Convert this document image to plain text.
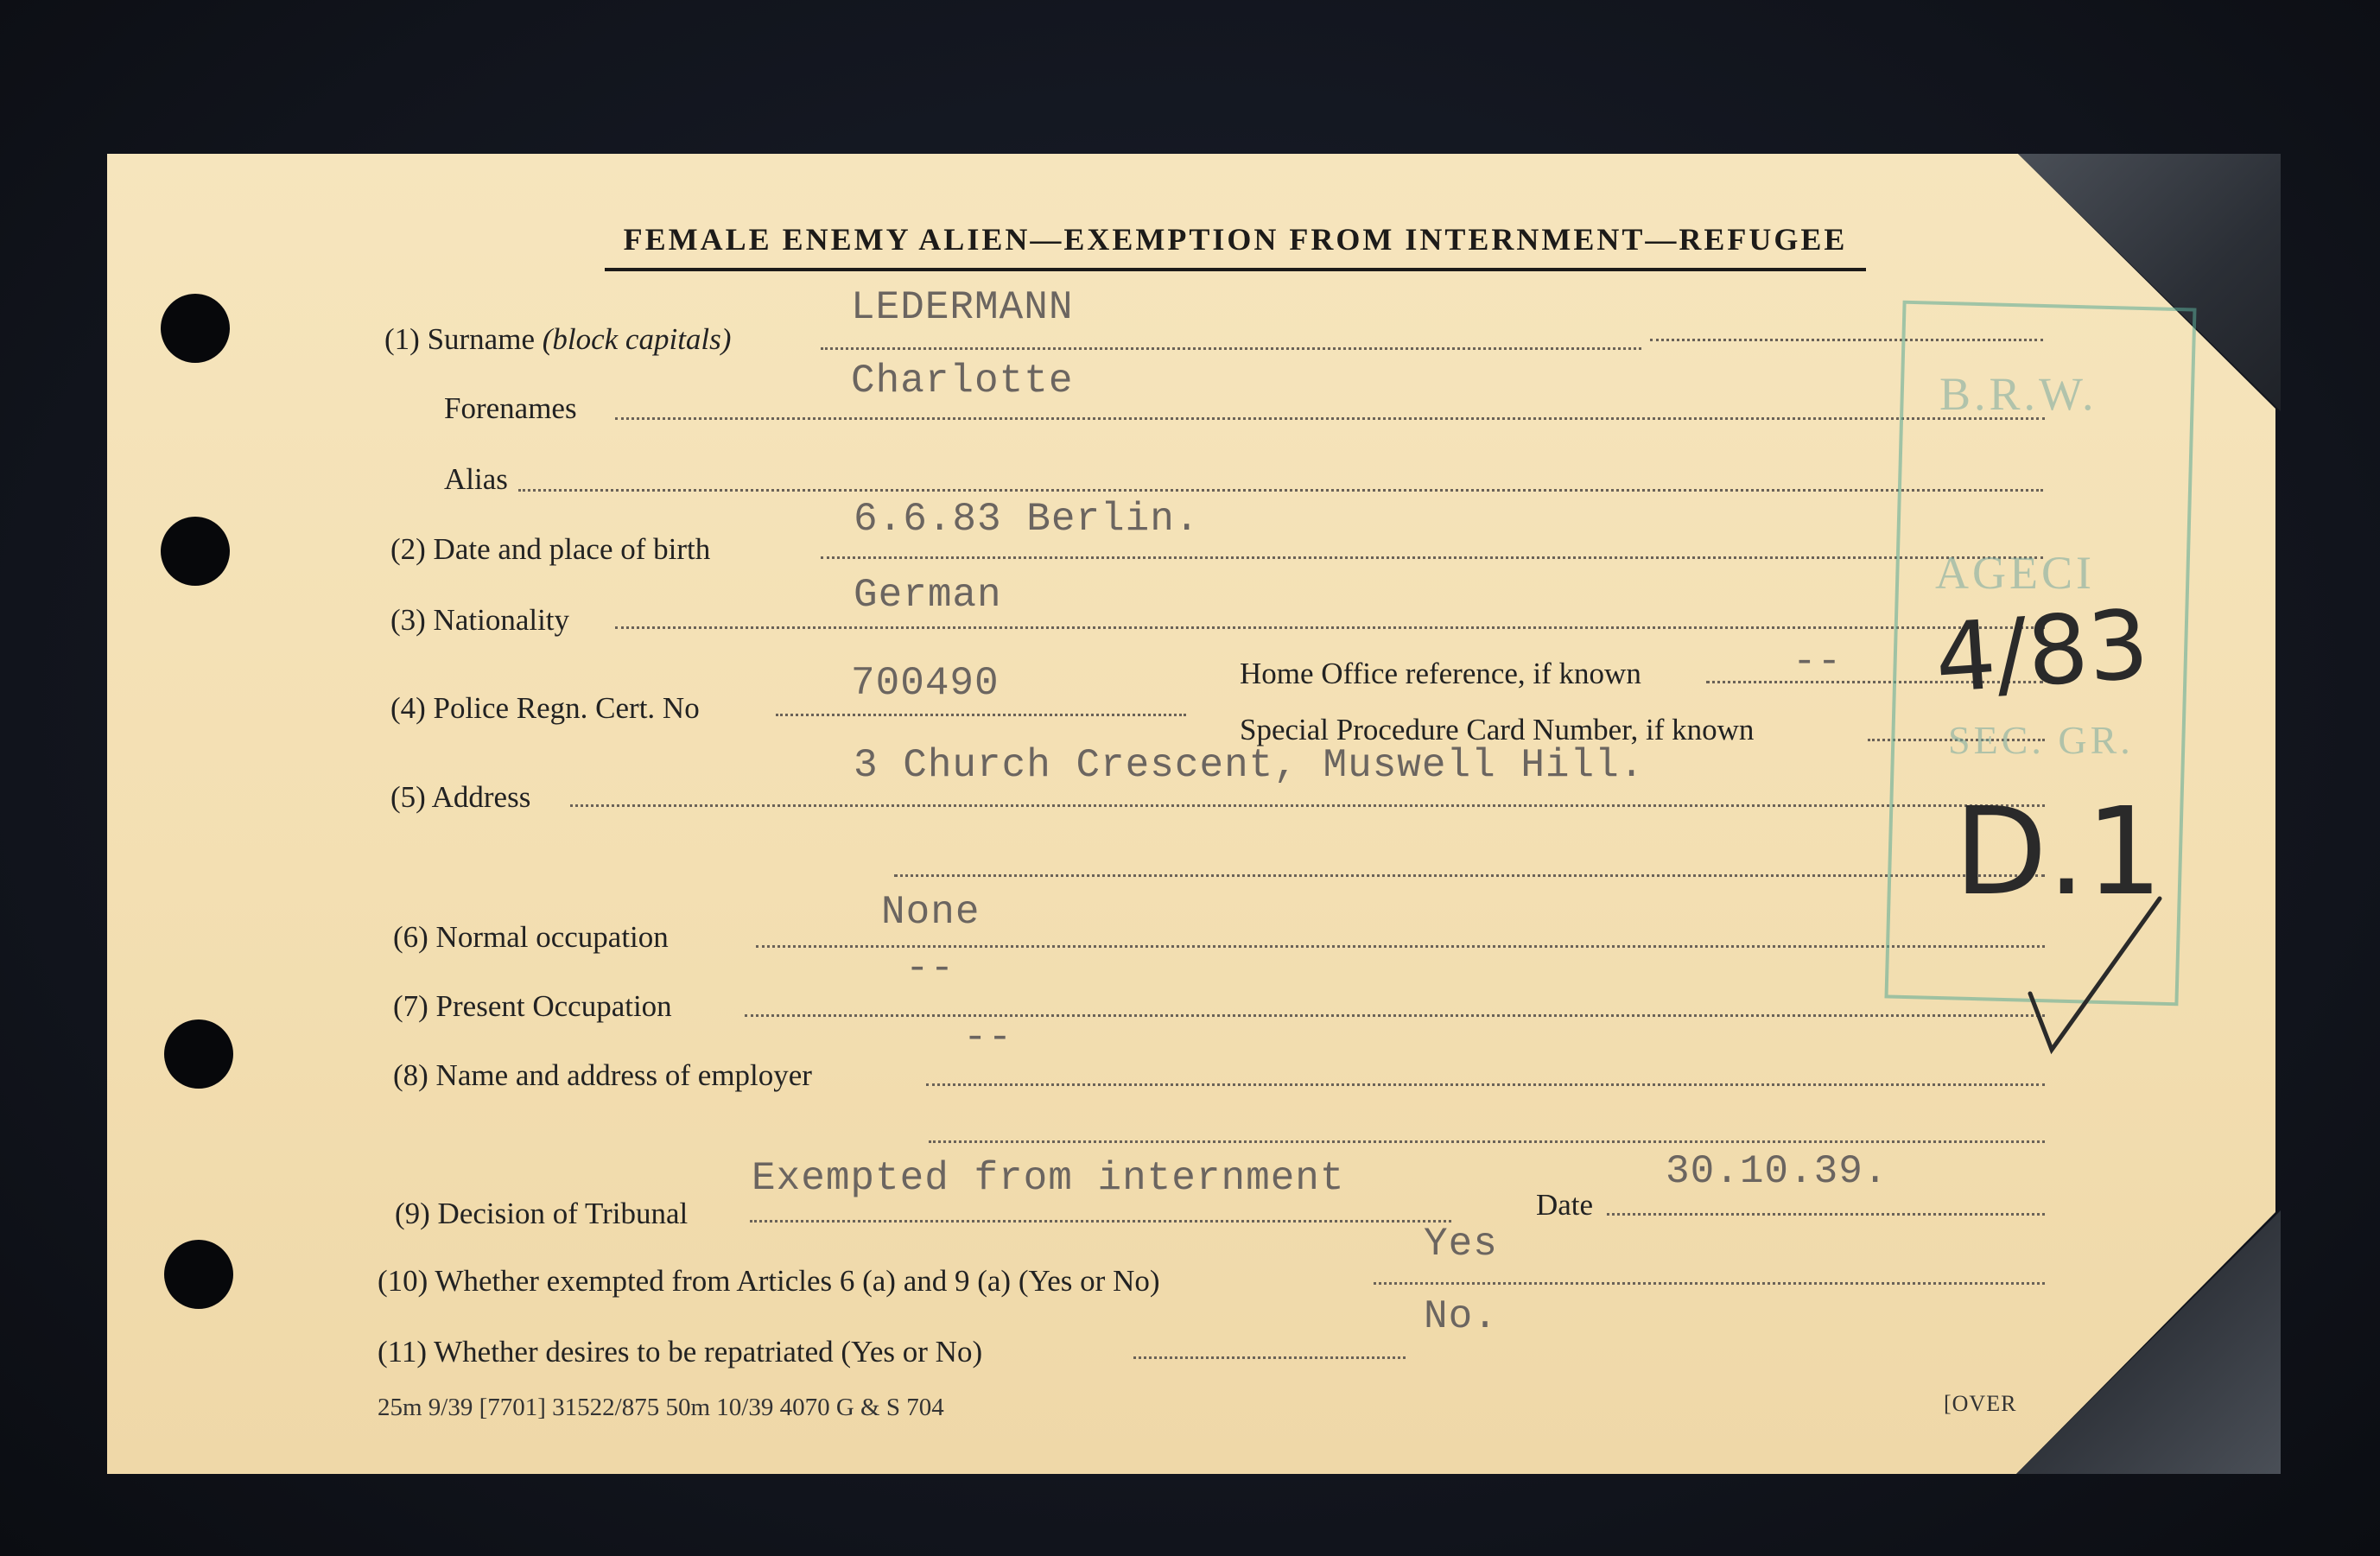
FEMALE ENEMY ALIEN—EXEMPTION FROM INTERNMENT—REFUGEE
(1) Surname (block capitals)
LEDERMANN
Forenames
Charlotte
Alias
(2) Date and place of birth
6.6.83 Berlin.
(3) Nationality
German
(4) Police Regn. Cert. No
700490	Home Office reference, if known	--
Special Procedure Card Number, if known
(5) Address
3 Church Crescent, Muswell Hill.
(6) Normal occupation
None
(7) Present Occupation
--
(8) Name and address of employer
--
(9) Decision of Tribunal
Exempted from internment
Date
30.10.39.
(10) Whether exempted from Articles 6 (a) and 9 (a) (Yes or No)
Yes
(11) Whether desires to be repatriated (Yes or No)
No.
25m 9/39 [7701] 31522/875 50m 10/39 4070 G & S 704	[OVER
B.R.W.
AGECI
SEC. GR.
4/83
D.1
